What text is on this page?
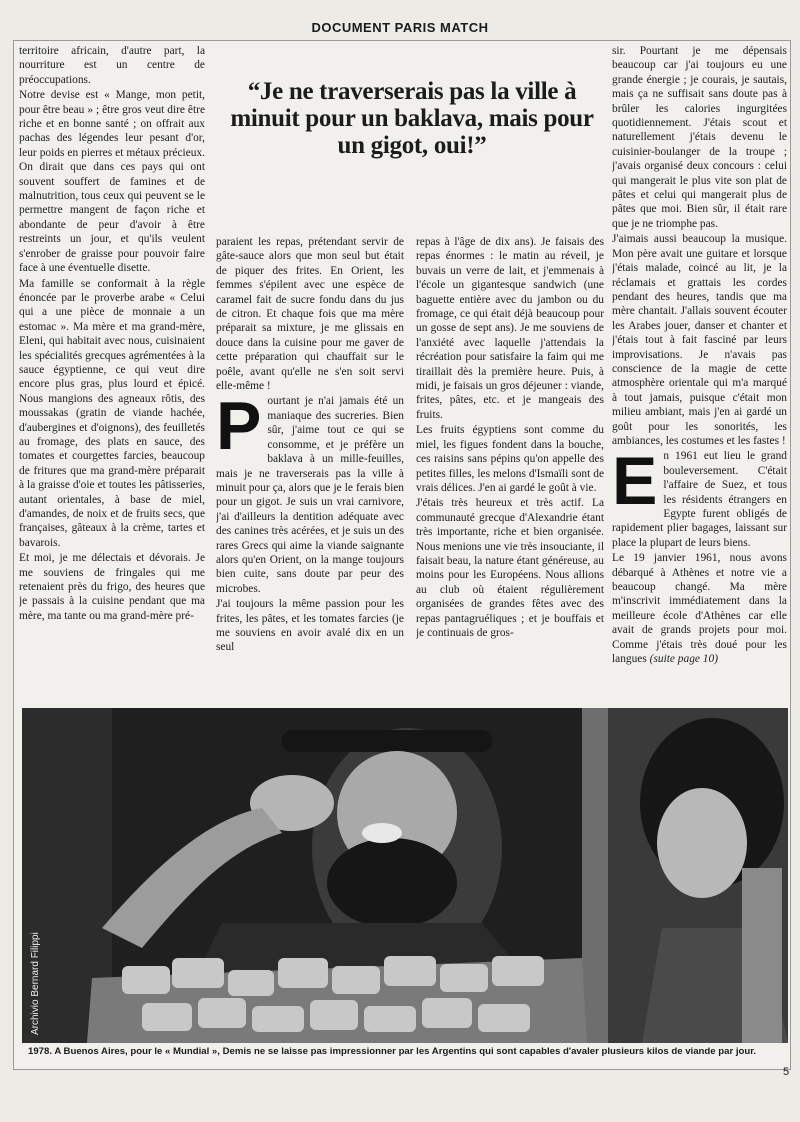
DOCUMENT PARIS MATCH

territoire africain, d'autre part, la nourriture est un centre de préoccupations.

Notre devise est « Mange, mon petit, pour être beau » ; être gros veut dire être riche et en bonne santé ; on offrait aux pachas des légendes leur pesant d'or, leur poids en pierres et métaux précieux. On dirait que dans ces pays qui ont souvent souffert de famines et de malnutrition, tous ceux qui peuvent se le permettre mangent de façon riche et abondante de peur d'avoir à être restreints un jour, et qu'ils veulent s'enrober de graisse pour pouvoir faire face à une éventuelle disette.

Ma famille se conformait à la règle énoncée par le proverbe arabe « Celui qui a une pièce de monnaie a un estomac ». Ma mère et ma grand-mère, Eleni, qui habitait avec nous, cuisinaient les spécialités grecques agrémentées à la sauce égyptienne, ce qui veut dire encore plus gras, plus lourd et épicé. Nous mangions des agneaux rôtis, des moussakas (gratin de viande hachée, d'aubergines et d'oignons), des feuilletés au fromage, des plats en sauce, des tomates et courgettes farcies, beaucoup de fritures que ma grand-mère préparait à la graisse d'oie et toutes les pâtisseries, autant orientales, à base de miel, d'amandes, de noix et de fruits secs, que françaises, gâteaux à la crème, tartes et bavarois.

Et moi, je me délectais et dévorais. Je me souviens de fringales qui me retenaient près du frigo, des heures que je passais à la cuisine pendant que ma mère, ma tante ou ma grand-mère pré-

“Je ne traverserais pas la ville à minuit pour un baklava, mais pour un gigot, oui!”

paraient les repas, prétendant servir de gâte-sauce alors que mon seul but était de piquer des frites. En Orient, les femmes s'épilent avec une espèce de caramel fait de sucre fondu dans du jus de citron. Et chaque fois que ma mère préparait sa mixture, je me glissais en douce dans la cuisine pour me gaver de cette préparation qui chauffait sur le poêle, avant qu'elle ne s'en soit servi elle-même !

Pourtant je n'ai jamais été un maniaque des sucreries. Bien sûr, j'aime tout ce qui se consomme, et je préfère un baklava à un mille-feuilles, mais je ne traverserais pas la ville à minuit pour ça, alors que je le ferais bien pour un gigot. Je suis un vrai carnivore, j'ai d'ailleurs la dentition adéquate avec des canines très acérées, et je suis un des rares Grecs qui aime la viande saignante alors qu'en Orient, on la mange toujours bien cuite, sans doute par peur des microbes.

J'ai toujours la même passion pour les frites, les pâtes, et les tomates farcies (je me souviens en avoir avalé dix en un seul

repas à l'âge de dix ans). Je faisais des repas énormes : le matin au réveil, je buvais un verre de lait, et j'emmenais à l'école un gigantesque sandwich (une baguette entière avec du jambon ou du fromage, ce qui était déjà beaucoup pour un gosse de sept ans). Je me souviens de l'anxiété avec laquelle j'attendais la récréation pour satisfaire la faim qui me tiraillait dès la première heure. Puis, à midi, je faisais un gros déjeuner : viande, frites, pâtes, etc. et je mangeais des fruits.

Les fruits égyptiens sont comme du miel, les figues fondent dans la bouche, ces raisins sans pépins qu'on appelle des petites filles, les melons d'Ismaïli sont de vrais délices. J'en ai gardé le goût à vie.

J'étais très heureux et très actif. La communauté grecque d'Alexandrie étant très importante, riche et bien organisée. Nous menions une vie très insouciante, il faisait beau, la nature étant généreuse, au moins pour les Européens. Nous allions au club où étaient régulièrement organisées de grandes fêtes avec des repas pantagruéliques ; et je bouffais et je continuais de gros-

sir. Pourtant je me dépensais beaucoup car j'ai toujours eu une grande énergie ; je courais, je sautais, mais ça ne suffisait sans doute pas à brûler les calories ingurgitées quotidiennement. J'étais scout et naturellement j'étais devenu le cuisinier-boulanger de la troupe ; j'avais organisé deux concours : celui qui mangerait le plus vite son plat de pâtes et celui qui mangerait plus de pâtes que moi. Bien sûr, il était rare que je ne triomphe pas.

J'aimais aussi beaucoup la musique. Mon père avait une guitare et lorsque j'étais malade, coincé au lit, je la réclamais et grattais les cordes pendant des heures, tandis que ma mère chantait. J'allais souvent écouter les Arabes jouer, danser et chanter et j'étais tout à fait fasciné par leurs improvisations. Je n'avais pas conscience de la magie de cette atmosphère orientale qui m'a marqué à tout jamais, puisque c'était mon milieu ambiant, mais j'en ai gardé un goût pour les sonorités, les ambiances, les costumes et les fastes !

En 1961 eut lieu le grand bouleversement. C'était l'affaire de Suez, et tous les résidents étrangers en Egypte furent obligés de rapidement plier bagages, laissant sur place la plupart de leurs biens.

Le 19 janvier 1961, nous avons débarqué à Athènes et notre vie a beaucoup changé. Ma mère m'inscrivit immédiatement dans la meilleure école d'Athènes car elle avait de grands projets pour moi. Comme j'étais très doué pour les langues (suite page 10)

Archivio Bernard Filippi
1978. A Buenos Aires, pour le « Mundial », Demis ne se laisse pas impressionner par les Argentins qui sont capables d'avaler plusieurs kilos de viande par jour.
5
